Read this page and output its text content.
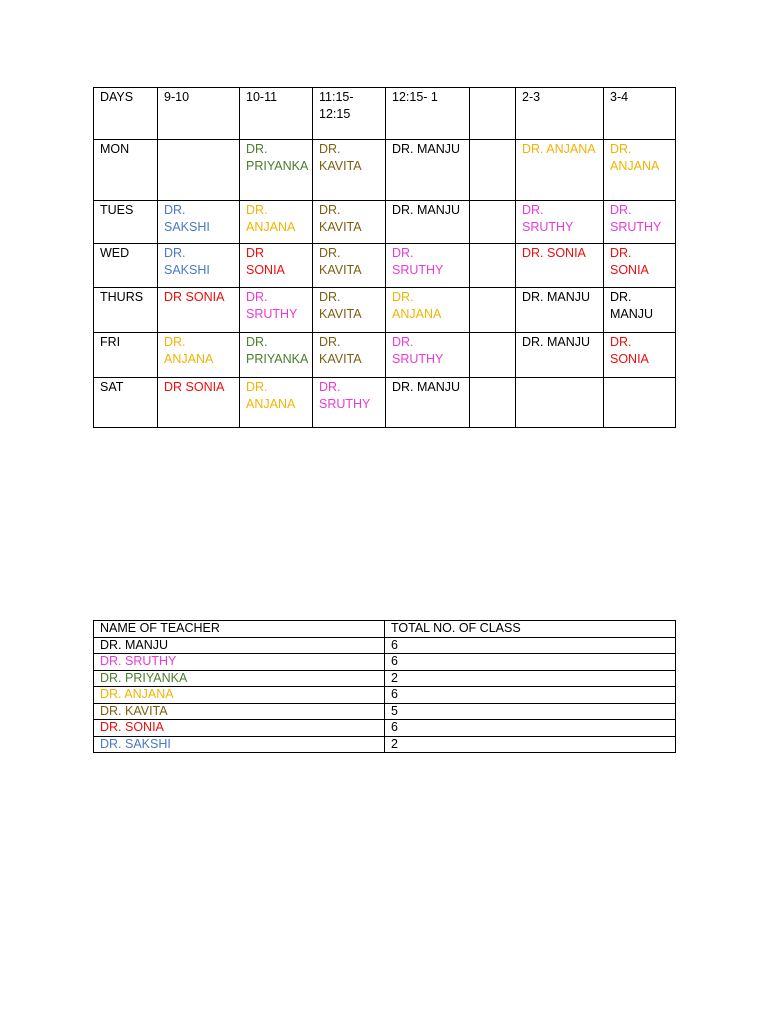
DAYS	9-10	10-11	11:15-12:15	12:15- 1		2-3	3-4
MON		DR. PRIYANKA	DR. KAVITA	DR. MANJU		DR. ANJANA	DR. ANJANA
TUES	DR. SAKSHI	DR. ANJANA	DR. KAVITA	DR. MANJU		DR. SRUTHY	DR. SRUTHY
WED	DR. SAKSHI	DR SONIA	DR. KAVITA	DR. SRUTHY		DR. SONIA	DR. SONIA
THURS	DR SONIA	DR. SRUTHY	DR. KAVITA	DR. ANJANA		DR. MANJU	DR. MANJU
FRI	DR. ANJANA	DR. PRIYANKA	DR. KAVITA	DR. SRUTHY		DR. MANJU	DR. SONIA
SAT	DR SONIA	DR. ANJANA	DR. SRUTHY	DR. MANJU			
NAME OF TEACHER	TOTAL NO. OF CLASS
DR. MANJU	6
DR. SRUTHY	6
DR. PRIYANKA	2
DR. ANJANA	6
DR. KAVITA	5
DR. SONIA	6
DR. SAKSHI	2
